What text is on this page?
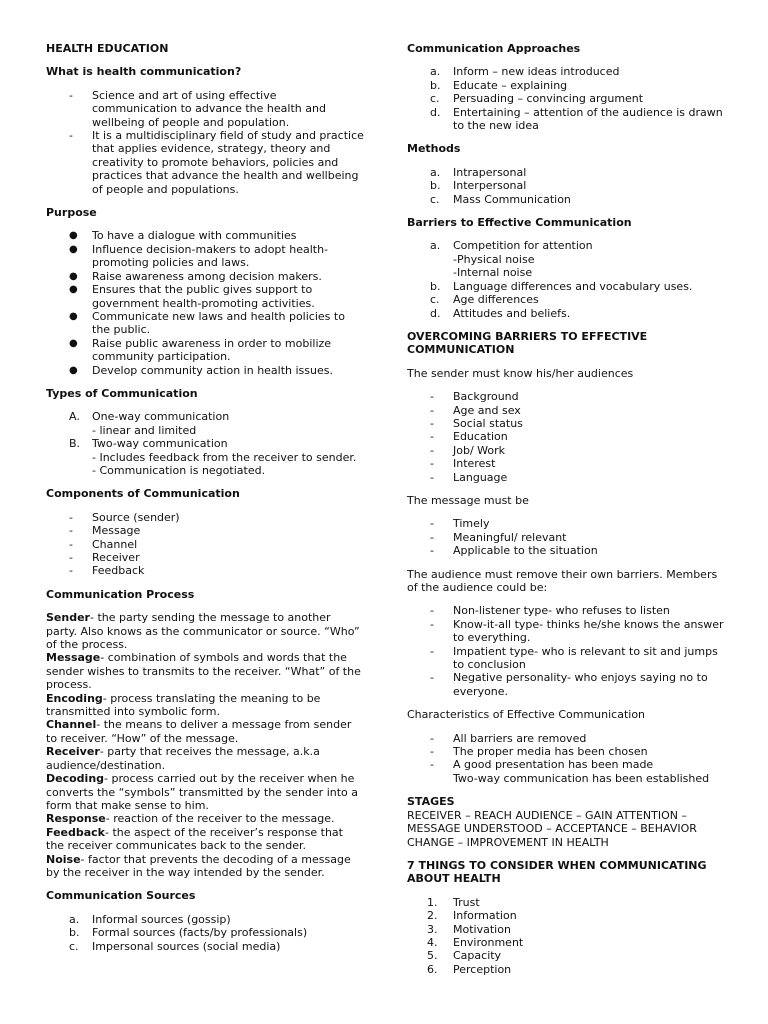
HEALTH EDUCATION

What is health communication?

-	Science and art of using effective communication to advance the health and wellbeing of people and population.
-	It is a multidisciplinary field of study and practice that applies evidence, strategy, theory and creativity to promote behaviors, policies and practices that advance the health and wellbeing of people and populations.

Purpose

●	To have a dialogue with communities
●	Influence decision-makers to adopt health-promoting policies and laws.
●	Raise awareness among decision makers.
●	Ensures that the public gives support to government health-promoting activities.
●	Communicate new laws and health policies to the public.
●	Raise public awareness in order to mobilize community participation.
●	Develop community action in health issues.

Types of Communication

A.	One-way communication
- linear and limited
B.	Two-way communication
- Includes feedback from the receiver to sender.
- Communication is negotiated.

Components of Communication

-	Source (sender)
-	Message
-	Channel
-	Receiver
-	Feedback

Communication Process

Sender- the party sending the message to another party. Also knows as the communicator or source. “Who” of the process.

Message- combination of symbols and words that the sender wishes to transmits to the receiver. “What” of the process.

Encoding- process translating the meaning to be transmitted into symbolic form.

Channel- the means to deliver a message from sender to receiver. “How” of the message.

Receiver- party that receives the message, a.k.a audience/destination.

Decoding- process carried out by the receiver when he converts the “symbols” transmitted by the sender into a form that make sense to him.

Response- reaction of the receiver to the message.

Feedback- the aspect of the receiver’s response that the receiver communicates back to the sender.

Noise- factor that prevents the decoding of a message by the receiver in the way intended by the sender.

Communication Sources

a.	Informal sources (gossip)
b.	Formal sources (facts/by professionals)
c.	Impersonal sources (social media)

Communication Approaches

a.	Inform – new ideas introduced
b.	Educate – explaining
c.	Persuading – convincing argument
d.	Entertaining – attention of the audience is drawn to the new idea

Methods

a.	Intrapersonal
b.	Interpersonal
c.	Mass Communication

Barriers to Effective Communication

a.	Competition for attention
-Physical noise
-Internal noise
b.	Language differences and vocabulary uses.
c.	Age differences
d.	Attitudes and beliefs.

OVERCOMING BARRIERS TO EFFECTIVE COMMUNICATION

The sender must know his/her audiences

-	Background
-	Age and sex
-	Social status
-	Education
-	Job/ Work
-	Interest
-	Language

The message must be

-	Timely
-	Meaningful/ relevant
-	Applicable to the situation

The audience must remove their own barriers. Members of the audience could be:

-	Non-listener type- who refuses to listen
-	Know-it-all type- thinks he/she knows the answer to everything.
-	Impatient type- who is relevant to sit and jumps to conclusion
-	Negative personality- who enjoys saying no to everyone.

Characteristics of Effective Communication

-	All barriers are removed
-	The proper media has been chosen
-	A good presentation has been made
Two-way communication has been established

STAGES

RECEIVER – REACH AUDIENCE – GAIN ATTENTION – MESSAGE UNDERSTOOD – ACCEPTANCE – BEHAVIOR CHANGE – IMPROVEMENT IN HEALTH

7 THINGS TO CONSIDER WHEN COMMUNICATING ABOUT HEALTH

1.	Trust
2.	Information
3.	Motivation
4.	Environment
5.	Capacity
6.	Perception
